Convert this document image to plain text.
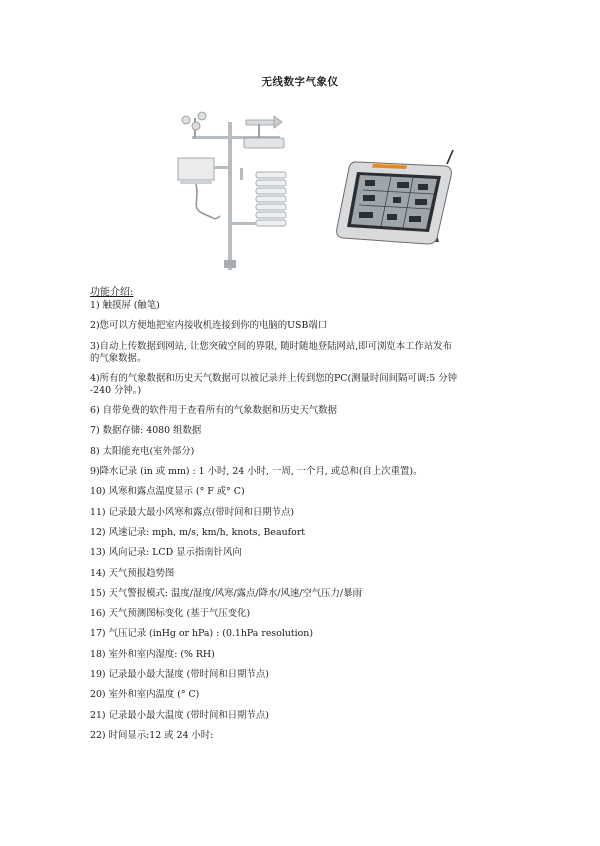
无线数字气象仪
功能介绍:
1) 触摸屏 (触笔)
2)您可以方便地把室内接收机连接到你的电脑的USB端口
3)自动上传数据到网站, 让您突破空间的界限, 随时随地登陆网站,即可浏览本工作站发布
的气象数据。
4)所有的气象数据和历史天气数据可以被记录并上传到您的PC(测量时间间隔可调:5 分钟
-240 分钟。)
6) 自带免费的软件用于查看所有的气象数据和历史天气数据
7) 数据存储: 4080 组数据
8) 太阳能充电(室外部分)
9)降水记录 (in 或 mm) : 1 小时, 24 小时, 一周, 一个月, 或总和(自上次重置)。
10) 风寒和露点温度显示 (° F 或° C)
11) 记录最大最小风寒和露点(带时间和日期节点)
12) 风速记录: mph, m/s, km/h, knots, Beaufort
13) 风向记录: LCD 显示指南针风向
14) 天气预报趋势图
15) 天气警报模式: 温度/湿度/风寒/露点/降水/风速/空气压力/暴雨
16) 天气预测图标变化 (基于气压变化)
17) 气压记录 (inHg or hPa) : (0.1hPa resolution)
18) 室外和室内湿度: (% RH)
19) 记录最小最大湿度 (带时间和日期节点)
20) 室外和室内温度 (° C)
21) 记录最小最大温度 (带时间和日期节点)
22) 时间显示:12 或 24 小时:
